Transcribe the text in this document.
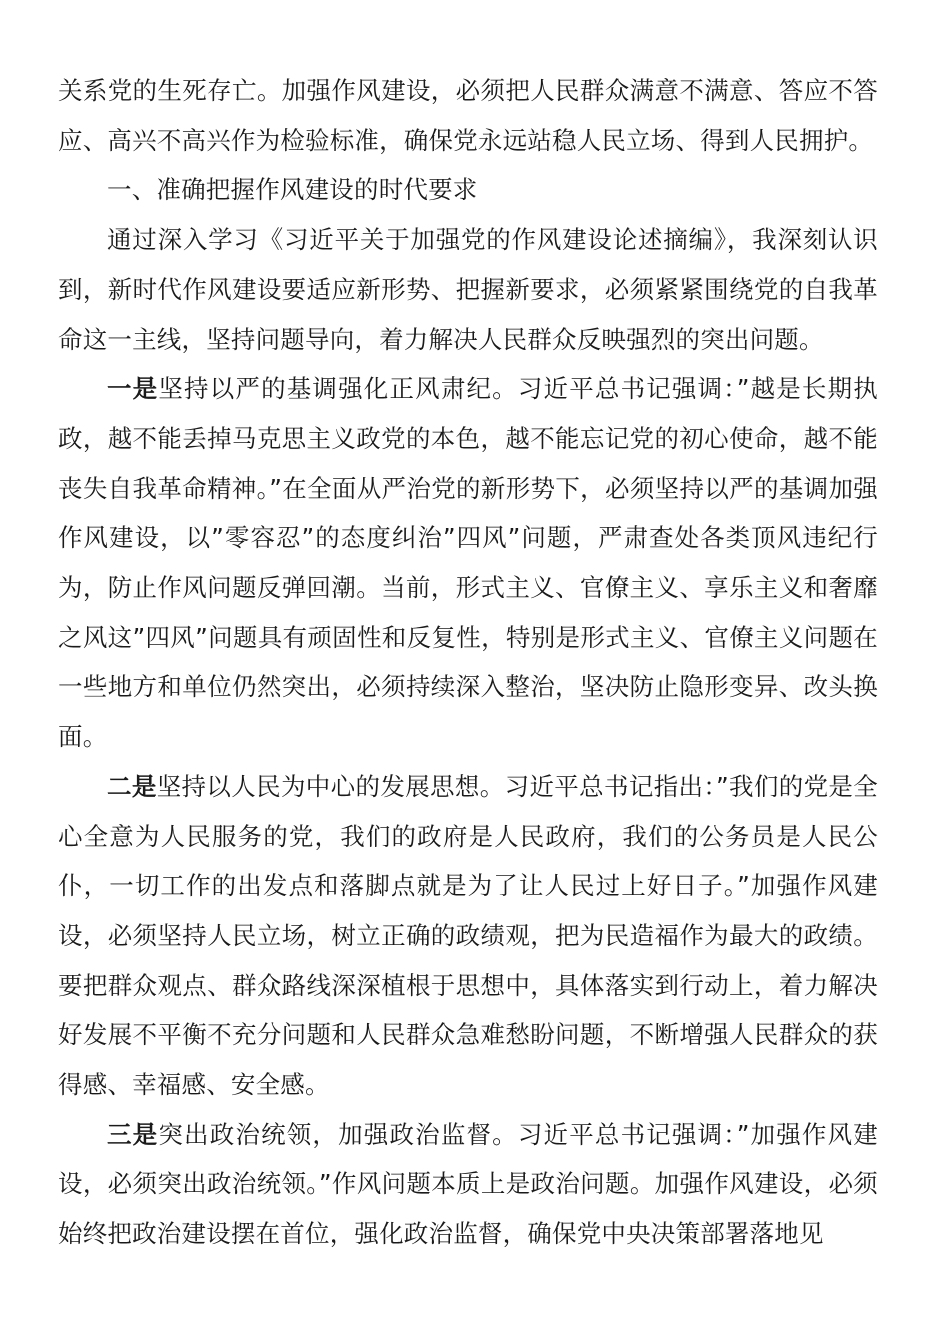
关系党的生死存亡。加强作风建设，必须把人民群众满意不满意、答应不答应、高兴不高兴作为检验标准，确保党永远站稳人民立场、得到人民拥护。

一、准确把握作风建设的时代要求

通过深入学习《习近平关于加强党的作风建设论述摘编》，我深刻认识到，新时代作风建设要适应新形势、把握新要求，必须紧紧围绕党的自我革命这一主线，坚持问题导向，着力解决人民群众反映强烈的突出问题。

一是坚持以严的基调强化正风肃纪。习近平总书记强调：”越是长期执政，越不能丢掉马克思主义政党的本色，越不能忘记党的初心使命，越不能丧失自我革命精神。”在全面从严治党的新形势下，必须坚持以严的基调加强作风建设，以”零容忍”的态度纠治”四风”问题，严肃查处各类顶风违纪行为，防止作风问题反弹回潮。当前，形式主义、官僚主义、享乐主义和奢靡之风这”四风”问题具有顽固性和反复性，特别是形式主义、官僚主义问题在一些地方和单位仍然突出，必须持续深入整治，坚决防止隐形变异、改头换面。

二是坚持以人民为中心的发展思想。习近平总书记指出：”我们的党是全心全意为人民服务的党，我们的政府是人民政府，我们的公务员是人民公仆，一切工作的出发点和落脚点就是为了让人民过上好日子。”加强作风建设，必须坚持人民立场，树立正确的政绩观，把为民造福作为最大的政绩。要把群众观点、群众路线深深植根于思想中，具体落实到行动上，着力解决好发展不平衡不充分问题和人民群众急难愁盼问题，不断增强人民群众的获得感、幸福感、安全感。

三是突出政治统领，加强政治监督。习近平总书记强调：”加强作风建设，必须突出政治统领。”作风问题本质上是政治问题。加强作风建设，必须始终把政治建设摆在首位，强化政治监督，确保党中央决策部署落地见
